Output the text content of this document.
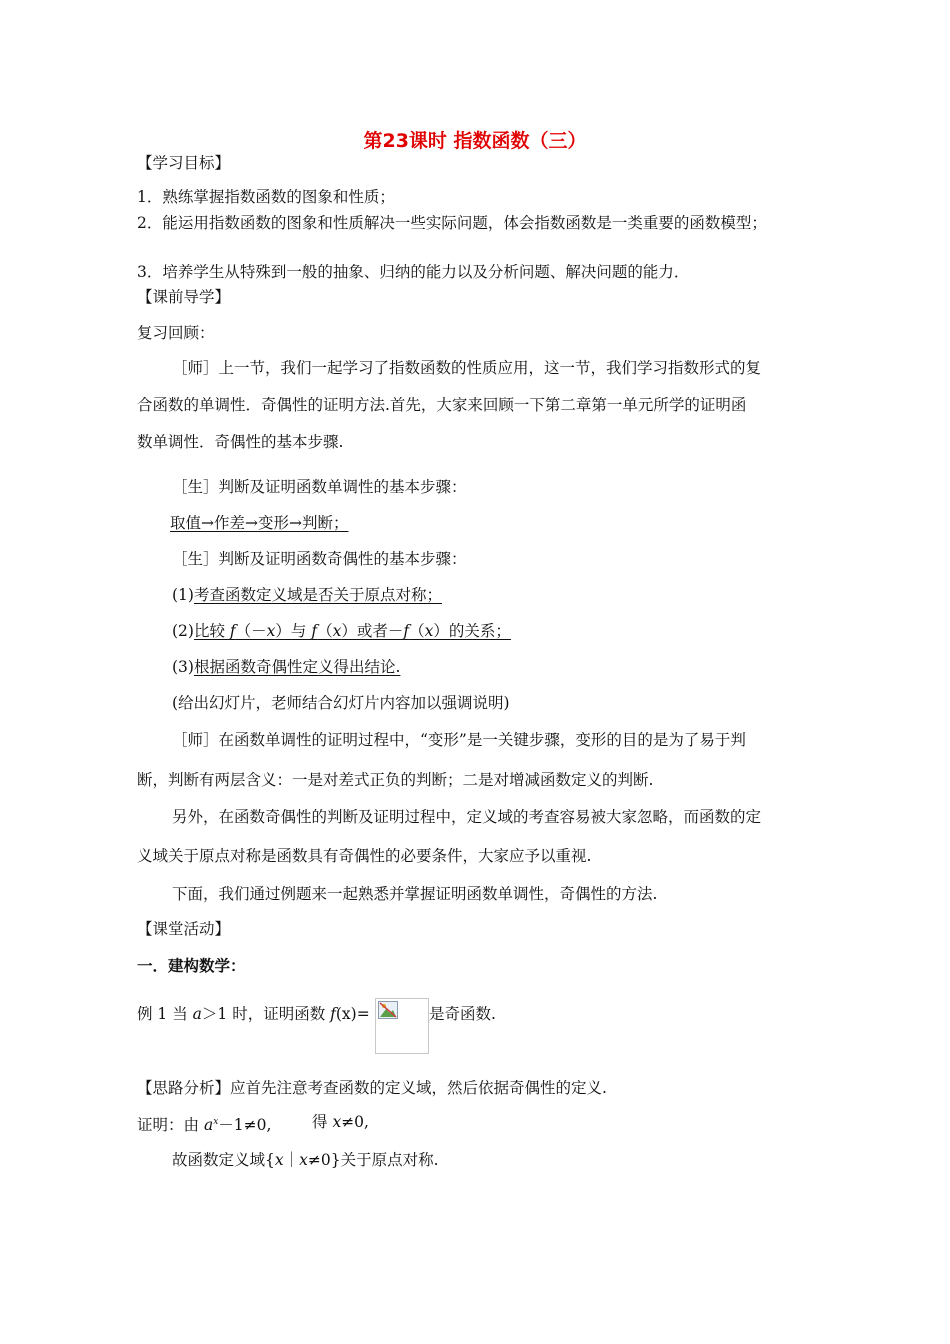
第23课时 指数函数（三）
【学习目标】
1．熟练掌握指数函数的图象和性质；
2．能运用指数函数的图象和性质解决一些实际问题，体会指数函数是一类重要的函数模型；
3．培养学生从特殊到一般的抽象、归纳的能力以及分析问题、解决问题的能力．
【课前导学】
复习回顾：
［师］上一节，我们一起学习了指数函数的性质应用，这一节，我们学习指数形式的复
合函数的单调性．奇偶性的证明方法.首先，大家来回顾一下第二章第一单元所学的证明函
数单调性．奇偶性的基本步骤.
［生］判断及证明函数单调性的基本步骤：
取值→作差→变形→判断；
［生］判断及证明函数奇偶性的基本步骤：
(1)考查函数定义域是否关于原点对称；
(2)比较 f（－x）与 f（x）或者－f（x）的关系；
(3)根据函数奇偶性定义得出结论.
(给出幻灯片，老师结合幻灯片内容加以强调说明)
［师］在函数单调性的证明过程中，“变形”是一关键步骤，变形的目的是为了易于判
断，判断有两层含义：一是对差式正负的判断；二是对增减函数定义的判断.
另外，在函数奇偶性的判断及证明过程中，定义域的考查容易被大家忽略，而函数的定
义域关于原点对称是函数具有奇偶性的必要条件，大家应予以重视.
下面，我们通过例题来一起熟悉并掌握证明函数单调性，奇偶性的方法.
【课堂活动】
一．建构数学：
例 1 当 a＞1 时，证明函数 f(x)=	是奇函数.
【思路分析】应首先注意考查函数的定义域，然后依据奇偶性的定义.
证明：由 $a^x-1\ne 0$,	得 x≠0,
故函数定义域{x｜x≠0}关于原点对称.
